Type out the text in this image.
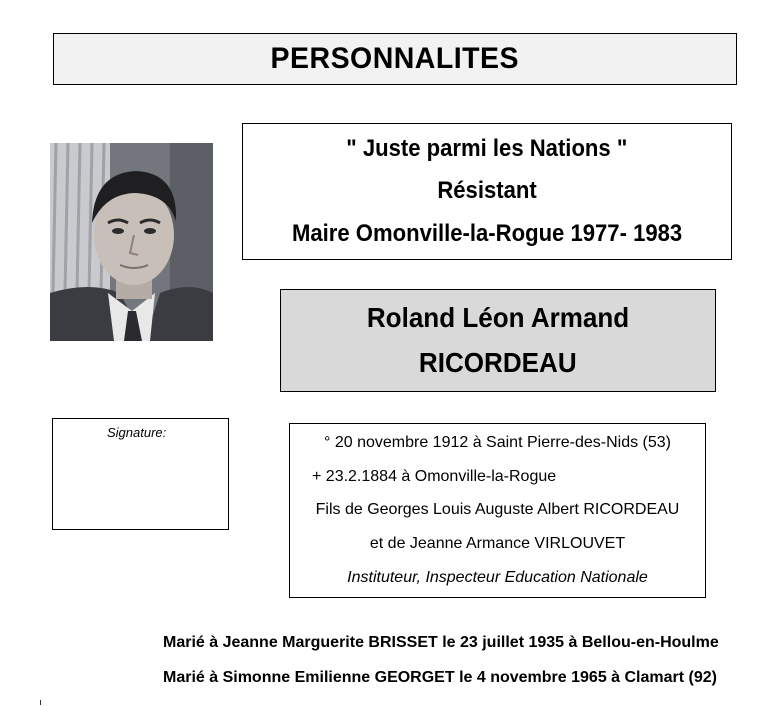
PERSONNALITES
" Juste parmi les Nations "
Résistant
Maire Omonville-la-Rogue 1977- 1983
Roland Léon Armand
RICORDEAU
Signature:
° 20 novembre 1912 à Saint Pierre-des-Nids (53)
+ 23.2.1884 à Omonville-la-Rogue
Fils de Georges Louis Auguste Albert RICORDEAU
et de Jeanne Armance VIRLOUVET
Instituteur, Inspecteur Education Nationale
Marié à Jeanne Marguerite BRISSET le 23 juillet 1935 à Bellou-en-Houlme
Marié à Simonne Emilienne GEORGET le 4 novembre 1965 à Clamart (92)
